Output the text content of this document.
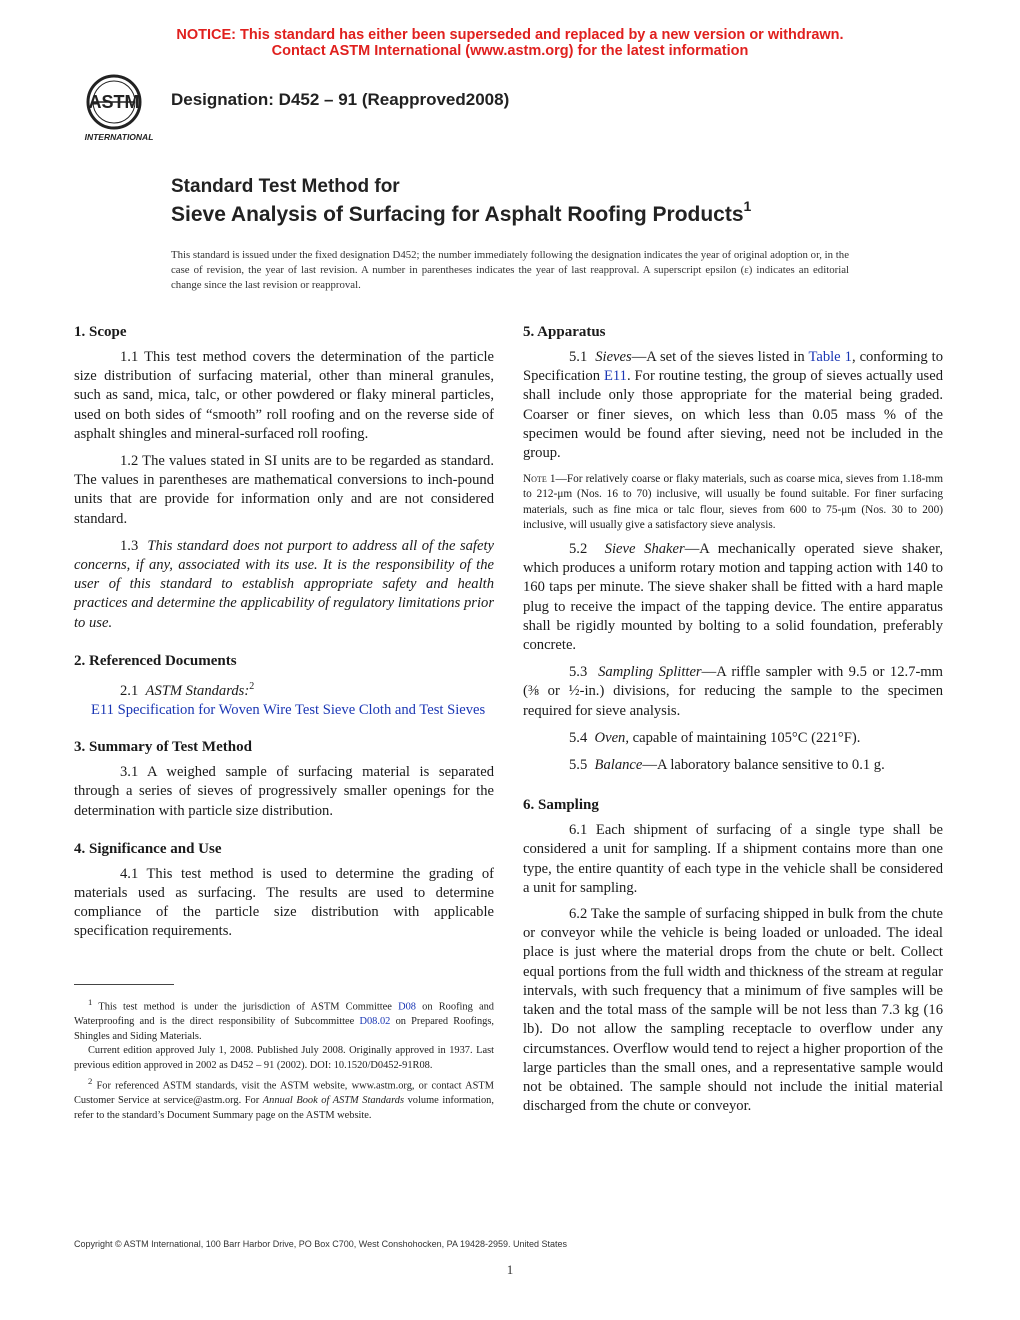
NOTICE: This standard has either been superseded and replaced by a new version or withdrawn.
Contact ASTM International (www.astm.org) for the latest information
ASTM
INTERNATIONAL
Designation: D452 – 91 (Reapproved2008)
Standard Test Method for
Sieve Analysis of Surfacing for Asphalt Roofing Products$^1$
This standard is issued under the fixed designation D452; the number immediately following the designation indicates the year of original adoption or, in the case of revision, the year of last revision. A number in parentheses indicates the year of last reapproval. A superscript epsilon (ε) indicates an editorial change since the last revision or reapproval.
1. Scope

1.1 This test method covers the determination of the particle size distribution of surfacing material, other than mineral granules, such as sand, mica, talc, or other powdered or flaky mineral particles, used on both sides of “smooth” roll roofing and on the reverse side of asphalt shingles and mineral-surfaced roll roofing.

1.2 The values stated in SI units are to be regarded as standard. The values in parentheses are mathematical conversions to inch-pound units that are provide for information only and are not considered standard.

1.3 This standard does not purport to address all of the safety concerns, if any, associated with its use. It is the responsibility of the user of this standard to establish appropriate safety and health practices and determine the applicability of regulatory limitations prior to use.

2. Referenced Documents

2.1 ASTM Standards:$^2$

E11 Specification for Woven Wire Test Sieve Cloth and Test Sieves

3. Summary of Test Method

3.1 A weighed sample of surfacing material is separated through a series of sieves of progressively smaller openings for the determination with particle size distribution.

4. Significance and Use

4.1 This test method is used to determine the grading of materials used as surfacing. The results are used to determine compliance of the particle size distribution with applicable specification requirements.

$^1$ This test method is under the jurisdiction of ASTM Committee D08 on Roofing and Waterproofing and is the direct responsibility of Subcommittee D08.02 on Prepared Roofings, Shingles and Siding Materials.

Current edition approved July 1, 2008. Published July 2008. Originally approved in 1937. Last previous edition approved in 2002 as D452 – 91 (2002). DOI: 10.1520/D0452-91R08.

$^2$ For referenced ASTM standards, visit the ASTM website, www.astm.org, or contact ASTM Customer Service at service@astm.org. For Annual Book of ASTM Standards volume information, refer to the standard’s Document Summary page on the ASTM website.

5. Apparatus

5.1 Sieves—A set of the sieves listed in Table 1, conforming to Specification E11. For routine testing, the group of sieves actually used shall include only those appropriate for the material being graded. Coarser or finer sieves, on which less than 0.05 mass % of the specimen would be found after sieving, need not be included in the group.

Note 1—For relatively coarse or flaky materials, such as coarse mica, sieves from 1.18-mm to 212-μm (Nos. 16 to 70) inclusive, will usually be found suitable. For finer surfacing materials, such as fine mica or talc flour, sieves from 600 to 75-μm (Nos. 30 to 200) inclusive, will usually give a satisfactory sieve analysis.

5.2 Sieve Shaker—A mechanically operated sieve shaker, which produces a uniform rotary motion and tapping action with 140 to 160 taps per minute. The sieve shaker shall be fitted with a hard maple plug to receive the impact of the tapping device. The entire apparatus shall be rigidly mounted by bolting to a solid foundation, preferably concrete.

5.3 Sampling Splitter—A riffle sampler with 9.5 or 12.7-mm (⅜ or ½-in.) divisions, for reducing the sample to the specimen required for sieve analysis.

5.4 Oven, capable of maintaining 105°C (221°F).

5.5 Balance—A laboratory balance sensitive to 0.1 g.

6. Sampling

6.1 Each shipment of surfacing of a single type shall be considered a unit for sampling. If a shipment contains more than one type, the entire quantity of each type in the vehicle shall be considered a unit for sampling.

6.2 Take the sample of surfacing shipped in bulk from the chute or conveyor while the vehicle is being loaded or unloaded. The ideal place is just where the material drops from the chute or belt. Collect equal portions from the full width and thickness of the stream at regular intervals, with such frequency that a minimum of five samples will be taken and the total mass of the sample will be not less than 7.3 kg (16 lb). Do not allow the sampling receptacle to overflow under any circumstances. Overflow would tend to reject a higher proportion of the large particles than the small ones, and a representative sample would not be obtained. The sample should not include the initial material discharged from the chute or conveyor.

Copyright © ASTM International, 100 Barr Harbor Drive, PO Box C700, West Conshohocken, PA 19428-2959. United States
1
